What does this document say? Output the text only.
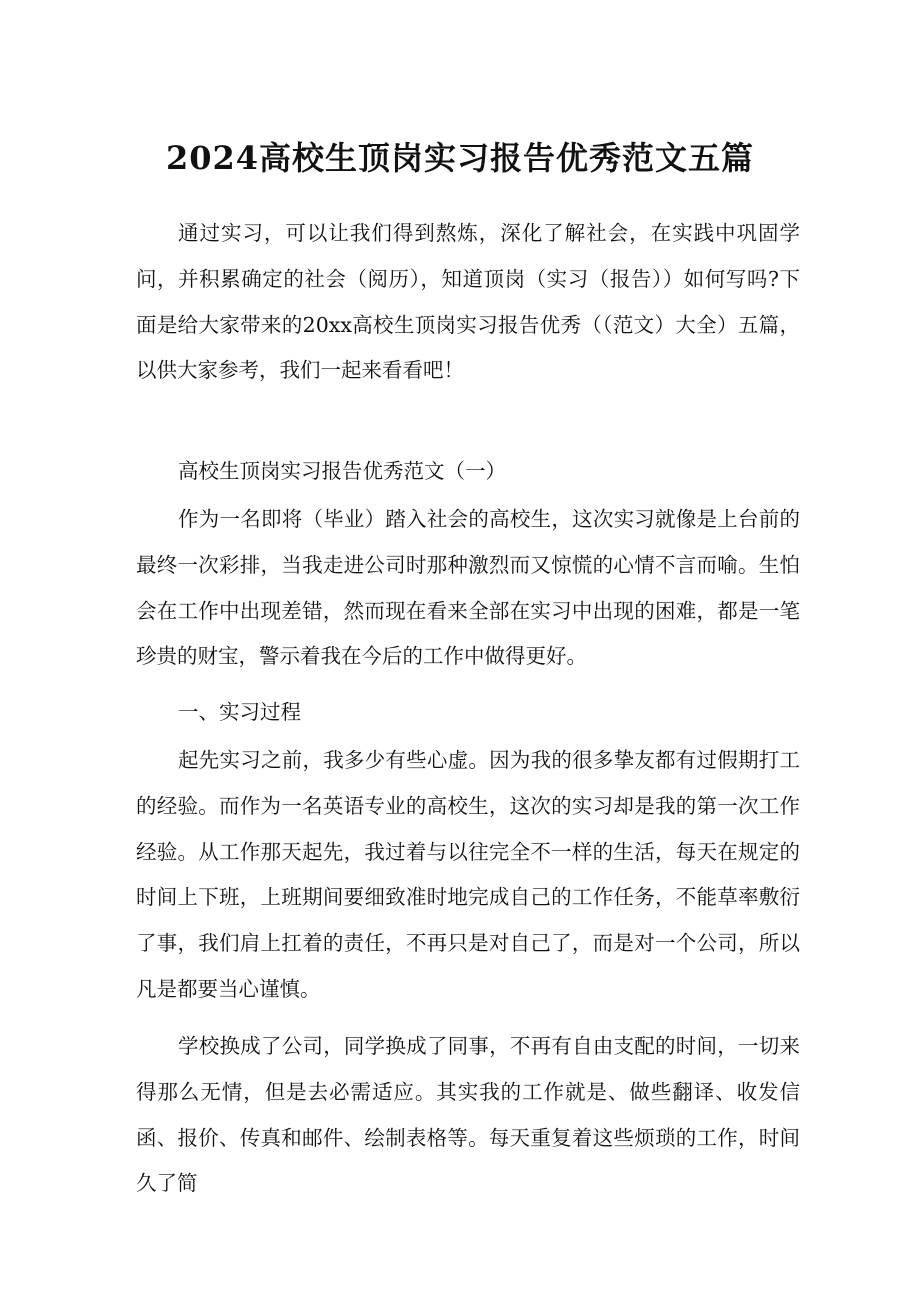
2024高校生顶岗实习报告优秀范文五篇

通过实习，可以让我们得到熬炼，深化了解社会，在实践中巩固学问，并积累确定的社会（阅历），知道顶岗（实习（报告））如何写吗?下面是给大家带来的20xx高校生顶岗实习报告优秀（（范文）大全）五篇，以供大家参考，我们一起来看看吧！

高校生顶岗实习报告优秀范文（一）

作为一名即将（毕业）踏入社会的高校生，这次实习就像是上台前的最终一次彩排，当我走进公司时那种激烈而又惊慌的心情不言而喻。生怕会在工作中出现差错，然而现在看来全部在实习中出现的困难，都是一笔珍贵的财宝，警示着我在今后的工作中做得更好。

一、实习过程

起先实习之前，我多少有些心虚。因为我的很多挚友都有过假期打工的经验。而作为一名英语专业的高校生，这次的实习却是我的第一次工作经验。从工作那天起先，我过着与以往完全不一样的生活，每天在规定的时间上下班，上班期间要细致准时地完成自己的工作任务，不能草率敷衍了事，我们肩上扛着的责任，不再只是对自己了，而是对一个公司，所以凡是都要当心谨慎。

学校换成了公司，同学换成了同事，不再有自由支配的时间，一切来得那么无情，但是去必需适应。其实我的工作就是、做些翻译、收发信函、报价、传真和邮件、绘制表格等。每天重复着这些烦琐的工作，时间久了简
